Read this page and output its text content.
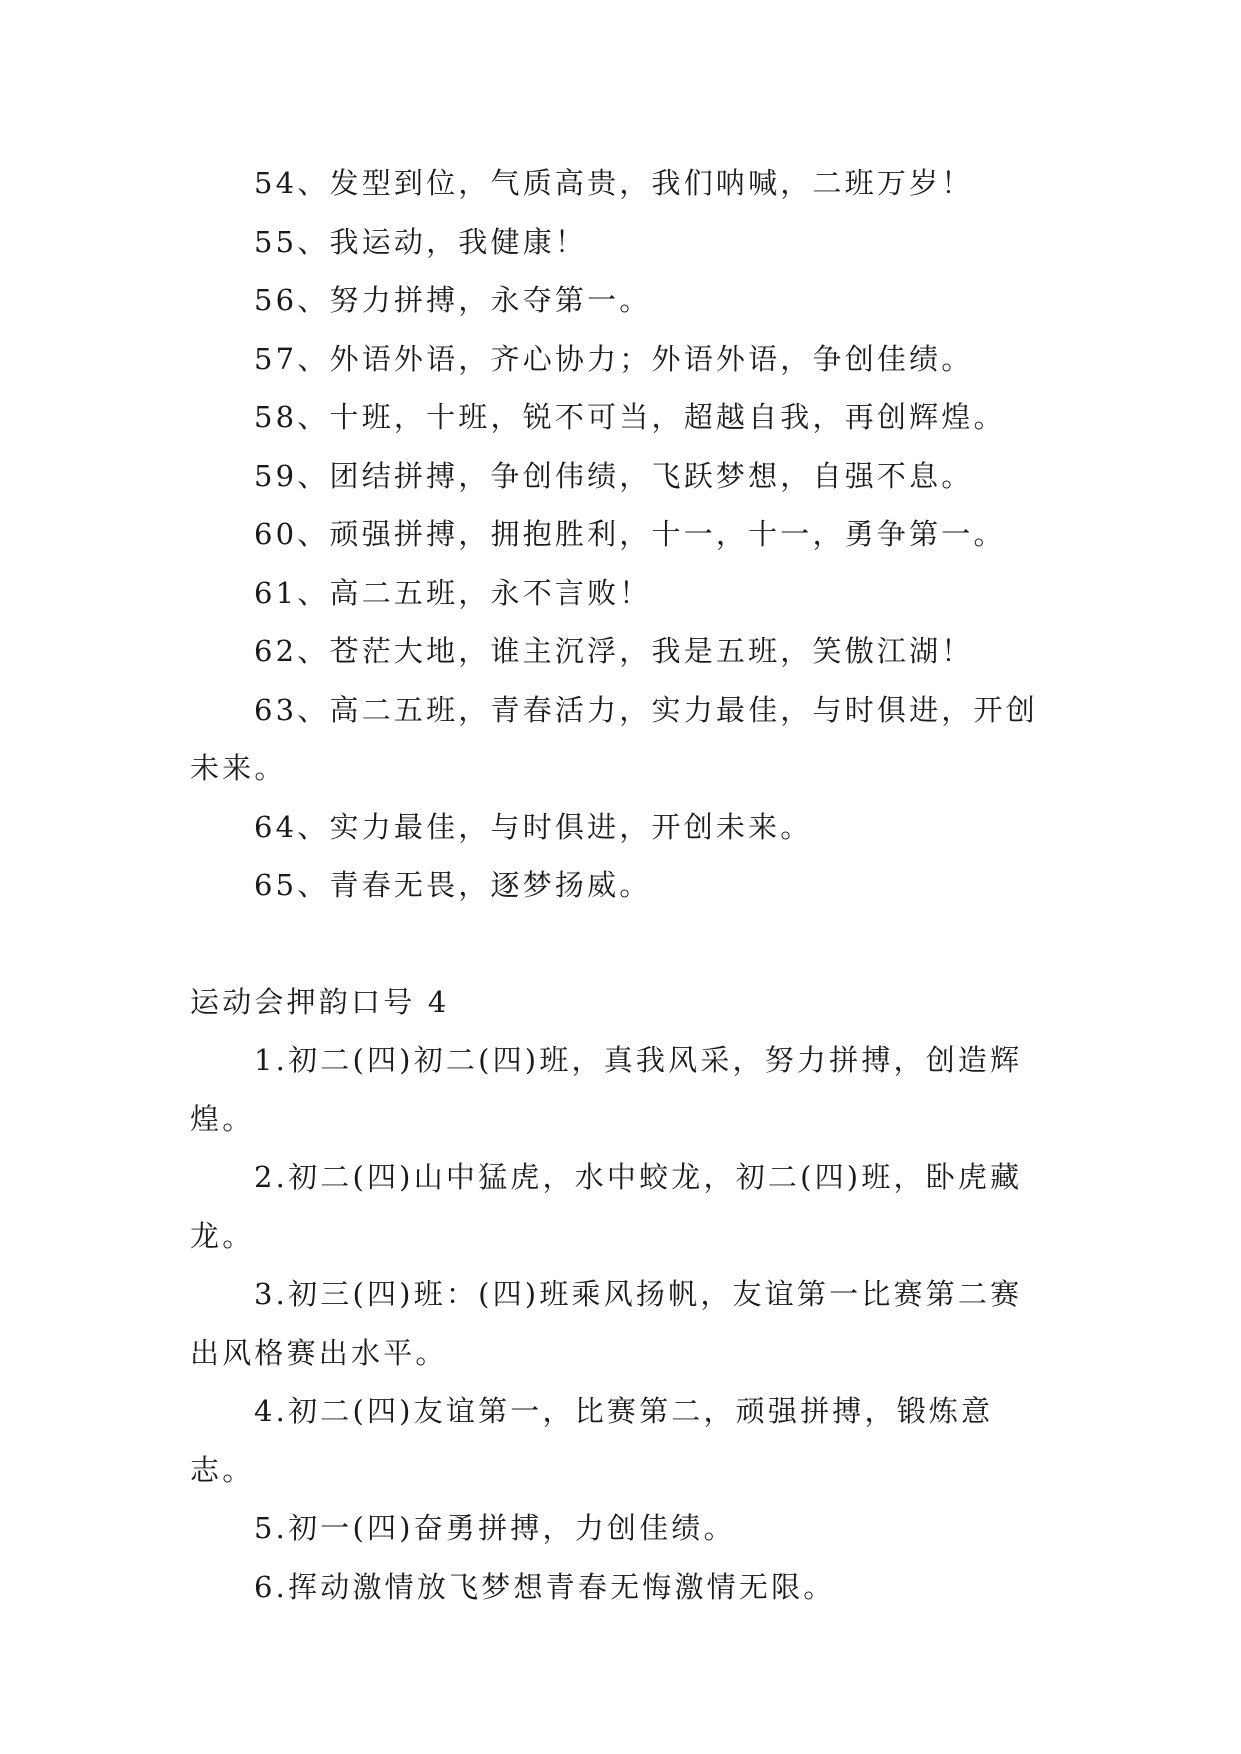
54、发型到位，气质高贵，我们呐喊，二班万岁！

55、我运动，我健康！

56、努力拼搏，永夺第一。

57、外语外语，齐心协力；外语外语，争创佳绩。

58、十班，十班，锐不可当，超越自我，再创辉煌。

59、团结拼搏，争创伟绩，飞跃梦想，自强不息。

60、顽强拼搏，拥抱胜利，十一，十一，勇争第一。

61、高二五班，永不言败！

62、苍茫大地，谁主沉浮，我是五班，笑傲江湖！

63、高二五班，青春活力，实力最佳，与时俱进，开创未来。

64、实力最佳，与时俱进，开创未来。

65、青春无畏，逐梦扬威。

运动会押韵口号 4

1.初二(四)初二(四)班，真我风采，努力拼搏，创造辉煌。

2.初二(四)山中猛虎，水中蛟龙，初二(四)班，卧虎藏龙。

3.初三(四)班：(四)班乘风扬帆，友谊第一比赛第二赛出风格赛出水平。

4.初二(四)友谊第一，比赛第二，顽强拼搏，锻炼意志。

5.初一(四)奋勇拼搏，力创佳绩。

6.挥动激情放飞梦想青春无悔激情无限。
